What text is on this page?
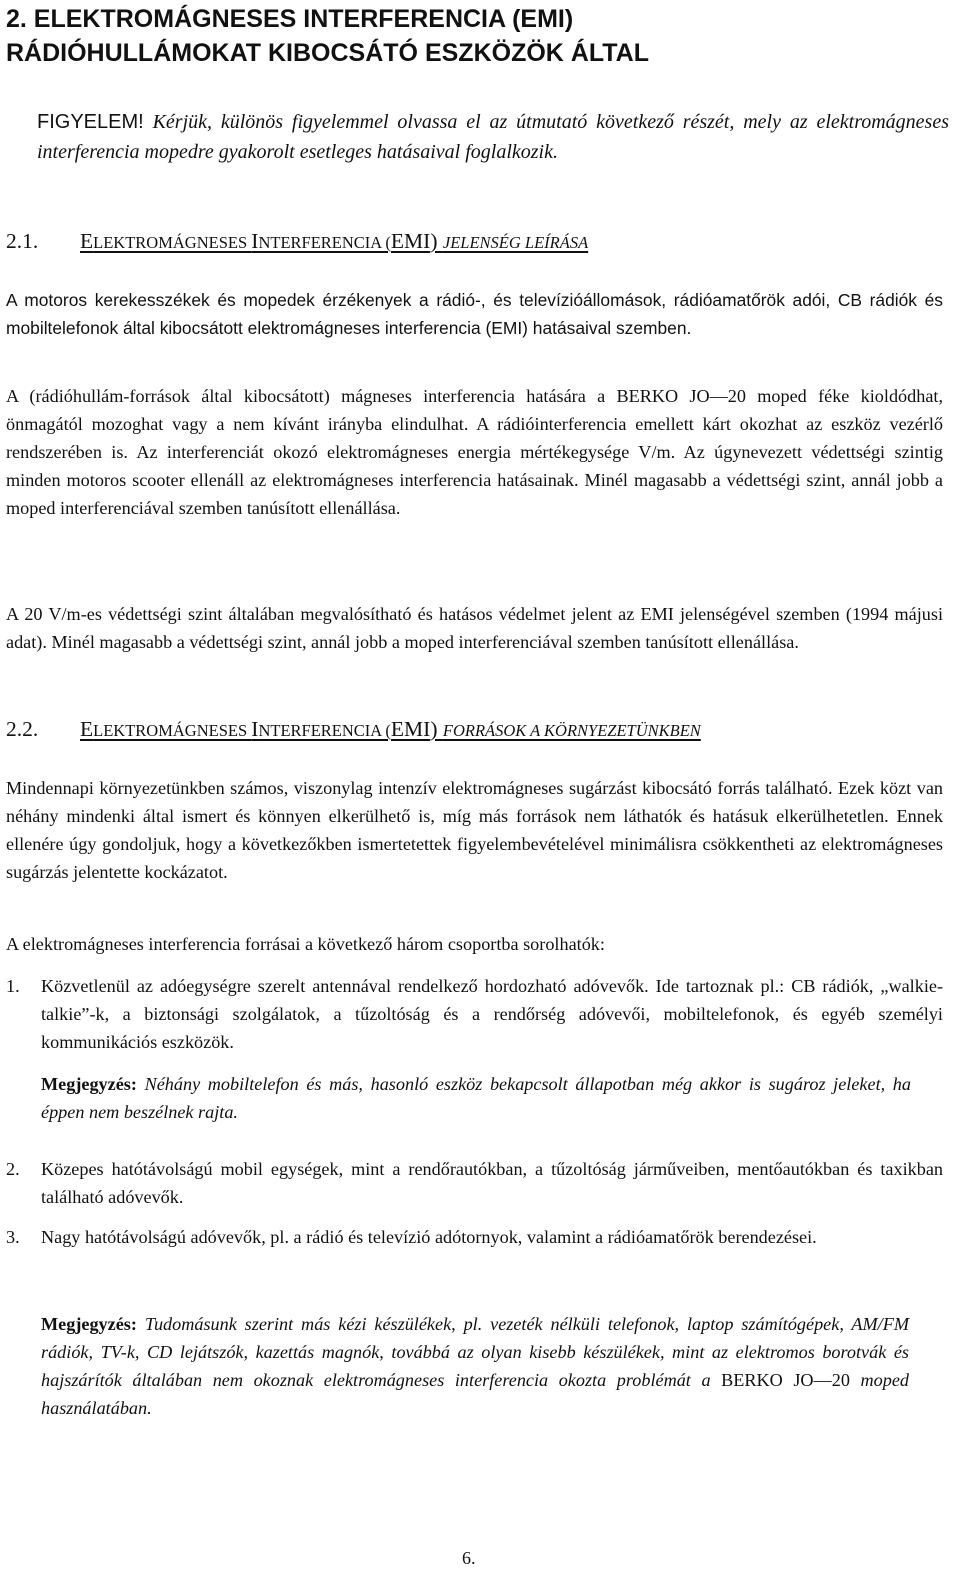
2. ELEKTROMÁGNESES INTERFERENCIA (EMI)
RÁDIÓHULLÁMOKAT KIBOCSÁTÓ ESZKÖZÖK ÁLTAL

FIGYELEM! Kérjük, különös figyelemmel olvassa el az útmutató következő részét, mely az elektromágneses interferencia mopedre gyakorolt esetleges hatásaival foglalkozik.

2.1. ELEKTROMÁGNESES INTERFERENCIA (EMI) JELENSÉG LEÍRÁSA

A motoros kerekesszékek és mopedek érzékenyek a rádió-, és televízióállomások, rádióamatőrök adói, CB rádiók és mobiltelefonok által kibocsátott elektromágneses interferencia (EMI) hatásaival szemben.

A (rádióhullám-források által kibocsátott) mágneses interferencia hatására a BERKO JO—20 moped féke kioldódhat, önmagától mozoghat vagy a nem kívánt irányba elindulhat. A rádióinterferencia emellett kárt okozhat az eszköz vezérlő rendszerében is. Az interferenciát okozó elektromágneses energia mértékegysége V/m. Az úgynevezett védettségi szintig minden motoros scooter ellenáll az elektromágneses interferencia hatásainak. Minél magasabb a védettségi szint, annál jobb a moped interferenciával szemben tanúsított ellenállása.

A 20 V/m-es védettségi szint általában megvalósítható és hatásos védelmet jelent az EMI jelenségével szemben (1994 májusi adat). Minél magasabb a védettségi szint, annál jobb a moped interferenciával szemben tanúsított ellenállása.

2.2. ELEKTROMÁGNESES INTERFERENCIA (EMI) FORRÁSOK A KÖRNYEZETÜNKBEN

Mindennapi környezetünkben számos, viszonylag intenzív elektromágneses sugárzást kibocsátó forrás található. Ezek közt van néhány mindenki által ismert és könnyen elkerülhető is, míg más források nem láthatók és hatásuk elkerülhetetlen. Ennek ellenére úgy gondoljuk, hogy a következőkben ismertetettek figyelembevételével minimálisra csökkentheti az elektromágneses sugárzás jelentette kockázatot.

A elektromágneses interferencia forrásai a következő három csoportba sorolhatók:

1. Közvetlenül az adóegységre szerelt antennával rendelkező hordozható adóvevők. Ide tartoznak pl.: CB rádiók, „walkie-talkie”-k, a biztonsági szolgálatok, a tűzoltóság és a rendőrség adóvevői, mobiltelefonok, és egyéb személyi kommunikációs eszközök.
Megjegyzés: Néhány mobiltelefon és más, hasonló eszköz bekapcsolt állapotban még akkor is sugároz jeleket, ha éppen nem beszélnek rajta.
2. Közepes hatótávolságú mobil egységek, mint a rendőrautókban, a tűzoltóság járműveiben, mentőautókban és taxikban található adóvevők.
3. Nagy hatótávolságú adóvevők, pl. a rádió és televízió adótornyok, valamint a rádióamatőrök berendezései.
Megjegyzés: Tudomásunk szerint más kézi készülékek, pl. vezeték nélküli telefonok, laptop számítógépek, AM/FM rádiók, TV-k, CD lejátszók, kazettás magnók, továbbá az olyan kisebb készülékek, mint az elektromos borotvák és hajszárítók általában nem okoznak elektromágneses interferencia okozta problémát a BERKO JO—20 moped használatában.
6.
